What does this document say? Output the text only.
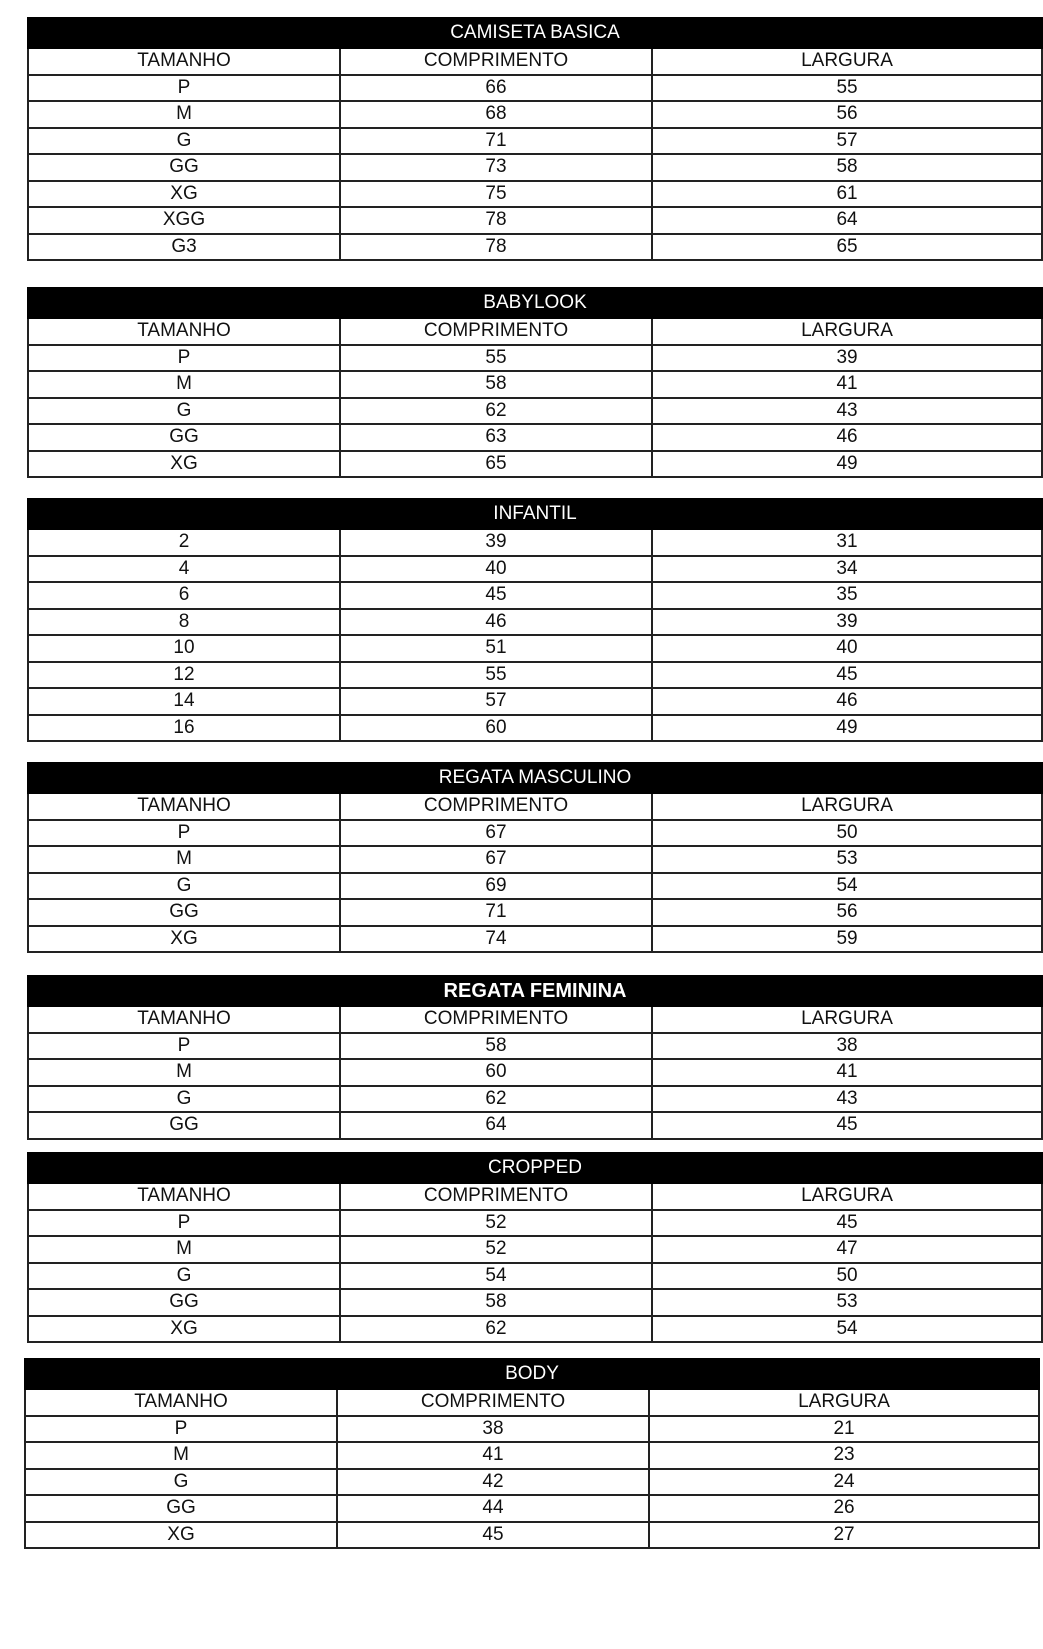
CAMISETA BASICA		
TAMANHO	COMPRIMENTO	LARGURA
P	66	55
M	68	56
G	71	57
GG	73	58
XG	75	61
XGG	78	64
G3	78	65
BABYLOOK		
TAMANHO	COMPRIMENTO	LARGURA
P	55	39
M	58	41
G	62	43
GG	63	46
XG	65	49
INFANTIL		
2	39	31
4	40	34
6	45	35
8	46	39
10	51	40
12	55	45
14	57	46
16	60	49
REGATA MASCULINO		
TAMANHO	COMPRIMENTO	LARGURA
P	67	50
M	67	53
G	69	54
GG	71	56
XG	74	59
REGATA FEMININA		
TAMANHO	COMPRIMENTO	LARGURA
P	58	38
M	60	41
G	62	43
GG	64	45
CROPPED		
TAMANHO	COMPRIMENTO	LARGURA
P	52	45
M	52	47
G	54	50
GG	58	53
XG	62	54
BODY		
TAMANHO	COMPRIMENTO	LARGURA
P	38	21
M	41	23
G	42	24
GG	44	26
XG	45	27
